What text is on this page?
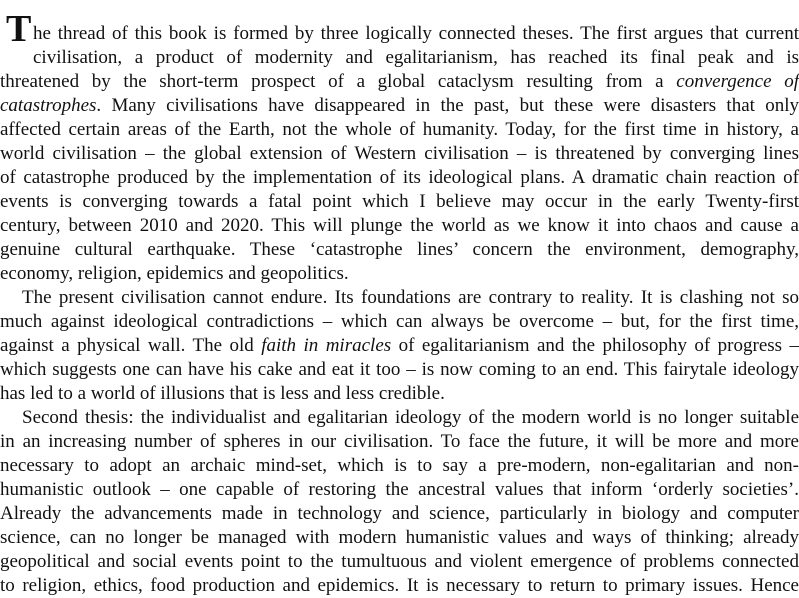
T he thread of this book is formed by three logically connected theses. The first argues that current
civilisation, a product of modernity and egalitarianism, has reached its final peak and is
threatened by the short-term prospect of a global cataclysm resulting from a convergence of
catastrophes. Many civilisations have disappeared in the past, but these were disasters that only
affected certain areas of the Earth, not the whole of humanity. Today, for the first time in history, a
world civilisation – the global extension of Western civilisation – is threatened by converging lines
of catastrophe produced by the implementation of its ideological plans. A dramatic chain reaction of
events is converging towards a fatal point which I believe may occur in the early Twenty-first
century, between 2010 and 2020. This will plunge the world as we know it into chaos and cause a
genuine cultural earthquake. These ‘catastrophe lines’ concern the environment, demography,
economy, religion, epidemics and geopolitics.
The present civilisation cannot endure. Its foundations are contrary to reality. It is clashing not so
much against ideological contradictions – which can always be overcome – but, for the first time,
against a physical wall. The old faith in miracles of egalitarianism and the philosophy of progress –
which suggests one can have his cake and eat it too – is now coming to an end. This fairytale ideology
has led to a world of illusions that is less and less credible.
Second thesis: the individualist and egalitarian ideology of the modern world is no longer suitable
in an increasing number of spheres in our civilisation. To face the future, it will be more and more
necessary to adopt an archaic mind-set, which is to say a pre-modern, non-egalitarian and non-
humanistic outlook – one capable of restoring the ancestral values that inform ‘orderly societies’.
Already the advancements made in technology and science, particularly in biology and computer
science, can no longer be managed with modern humanistic values and ways of thinking; already
geopolitical and social events point to the tumultuous and violent emergence of problems connected
to religion, ethics, food production and epidemics. It is necessary to return to primary issues. Hence
